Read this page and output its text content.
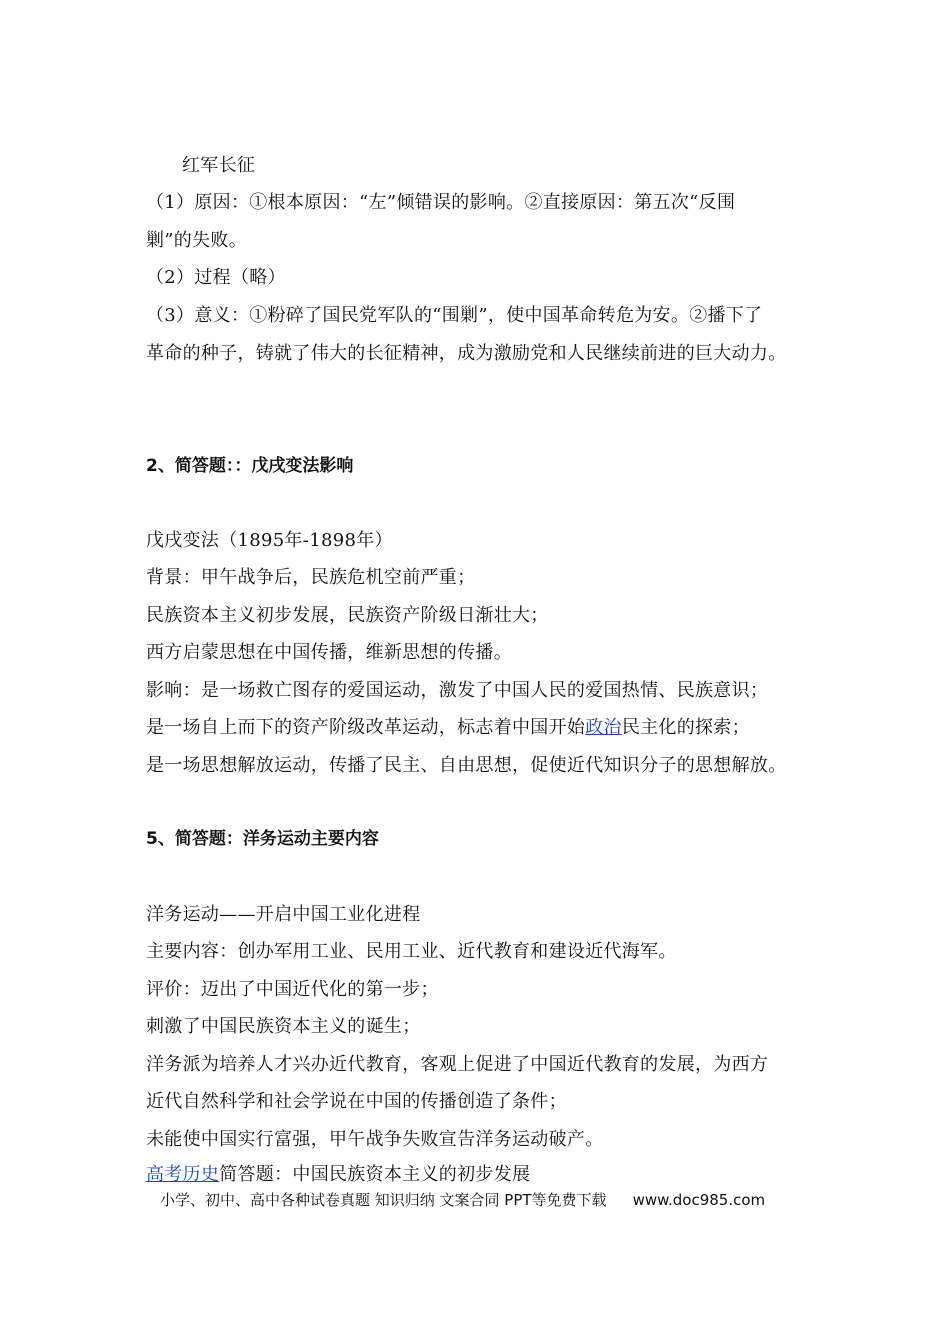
红军长征
（1）原因：①根本原因：“左”倾错误的影响。②直接原因：第五次“反围
剿”的失败。
（2）过程（略）
（3）意义：①粉碎了国民党军队的“围剿”，使中国革命转危为安。②播下了
革命的种子，铸就了伟大的长征精神，成为激励党和人民继续前进的巨大动力。
2、简答题：：戊戌变法影响
戊戌变法（1895年-1898年）
背景：甲午战争后，民族危机空前严重；
民族资本主义初步发展，民族资产阶级日渐壮大；
西方启蒙思想在中国传播，维新思想的传播。
影响：是一场救亡图存的爱国运动，激发了中国人民的爱国热情、民族意识；
是一场自上而下的资产阶级改革运动，标志着中国开始政治民主化的探索；
是一场思想解放运动，传播了民主、自由思想，促使近代知识分子的思想解放。
5、简答题：洋务运动主要内容
洋务运动——开启中国工业化进程
主要内容：创办军用工业、民用工业、近代教育和建设近代海军。
评价：迈出了中国近代化的第一步；
刺激了中国民族资本主义的诞生；
洋务派为培养人才兴办近代教育，客观上促进了中国近代教育的发展，为西方
近代自然科学和社会学说在中国的传播创造了条件；
未能使中国实行富强，甲午战争失败宣告洋务运动破产。
高考历史简答题：中国民族资本主义的初步发展
小学、初中、高中各种试卷真题 知识归纳 文案合同 PPT等免费下载 www.doc985.com
